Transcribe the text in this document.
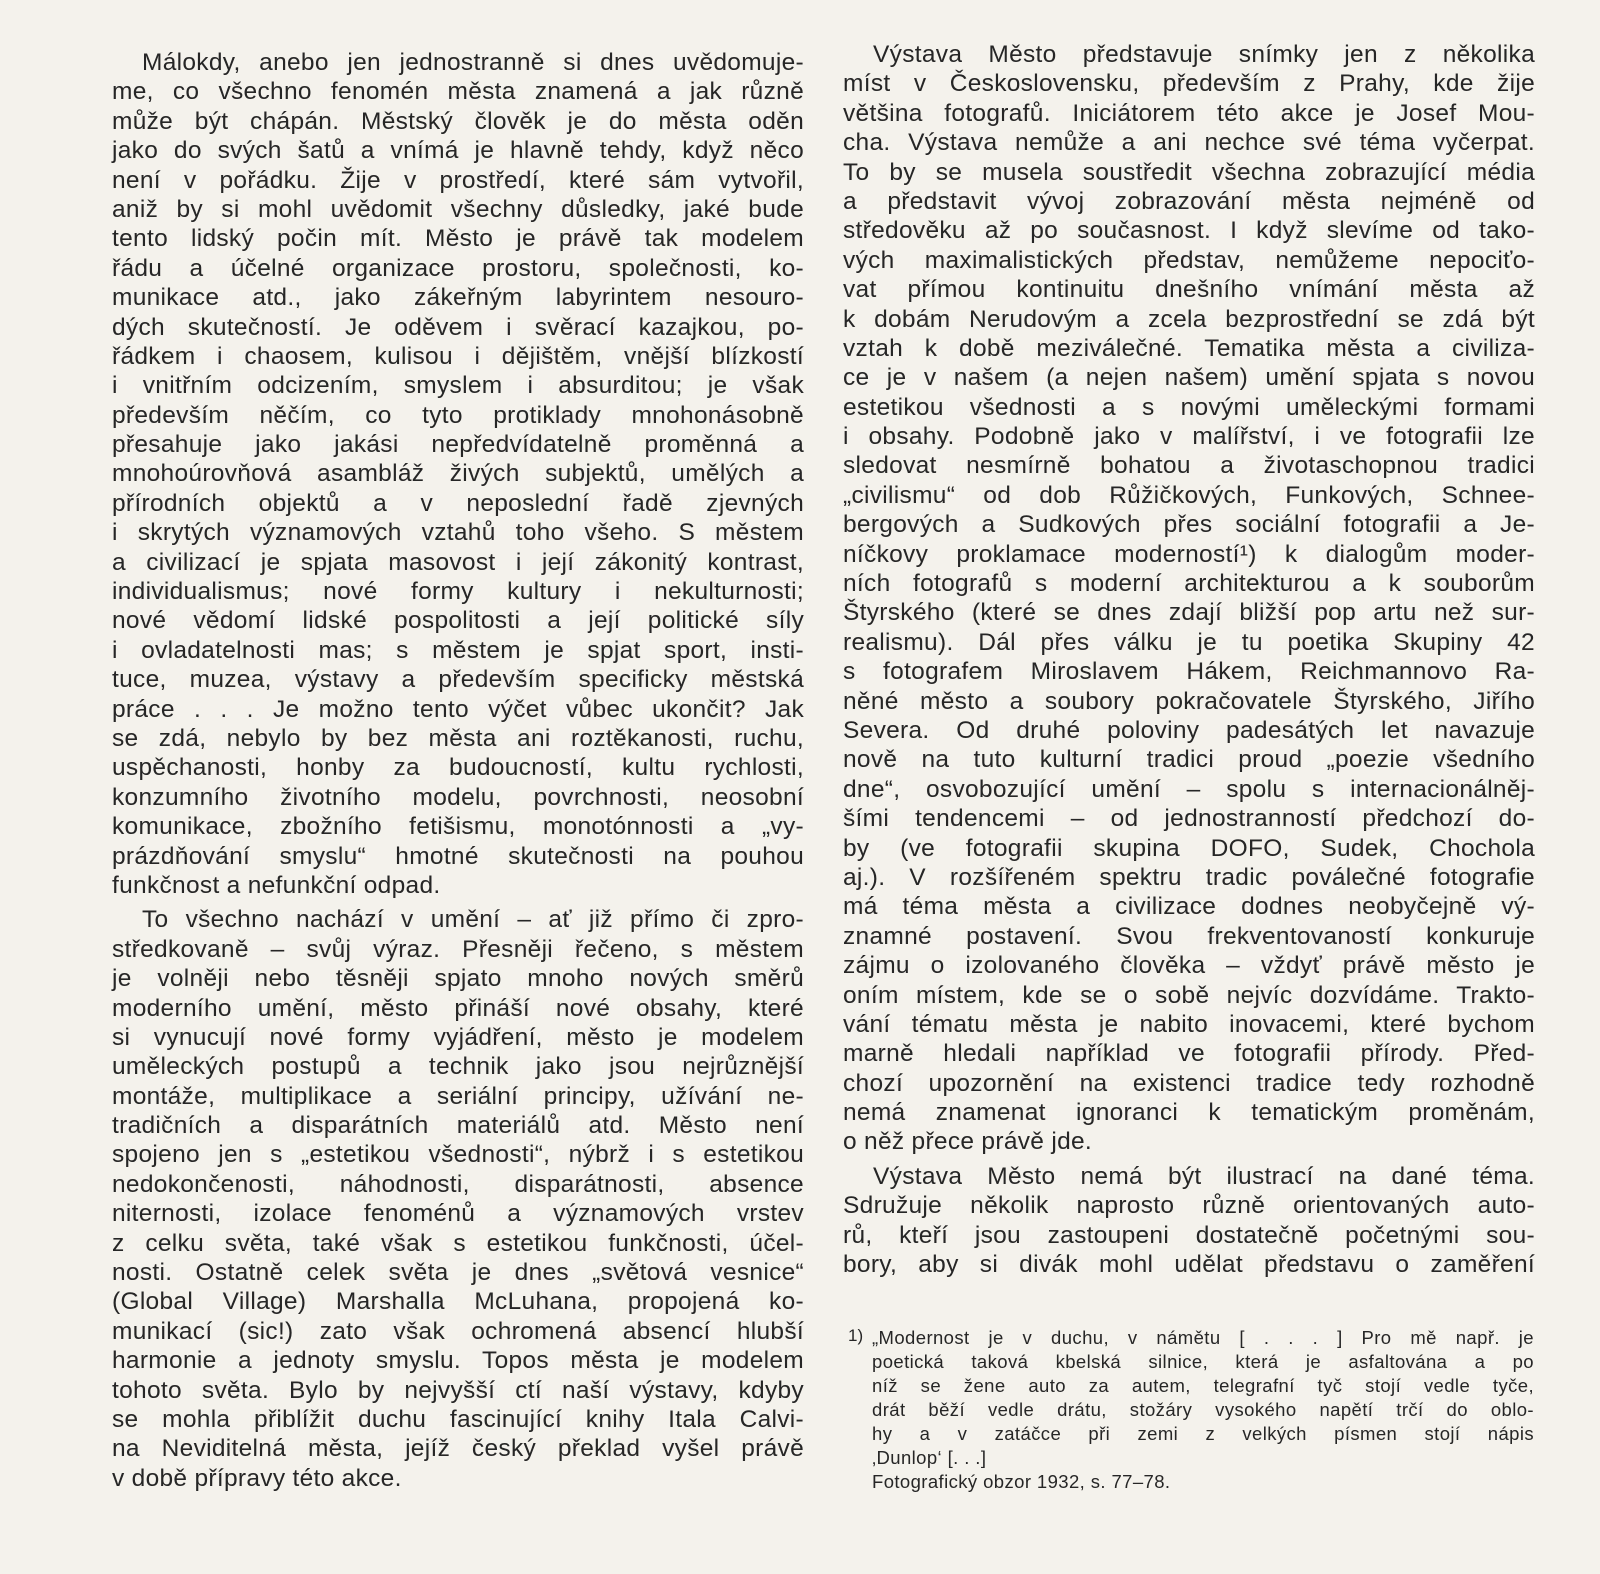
Málokdy, anebo jen jednostranně si dnes uvědomuje-
me, co všechno fenomén města znamená a jak různě
může být chápán. Městský člověk je do města oděn
jako do svých šatů a vnímá je hlavně tehdy, když něco
není v pořádku. Žije v prostředí, které sám vytvořil,
aniž by si mohl uvědomit všechny důsledky, jaké bude
tento lidský počin mít. Město je právě tak modelem
řádu a účelné organizace prostoru, společnosti, ko-
munikace atd., jako zákeřným labyrintem nesouro-
dých skutečností. Je oděvem i svěrací kazajkou, po-
řádkem i chaosem, kulisou i dějištěm, vnější blízkostí
i vnitřním odcizením, smyslem i absurditou; je však
především něčím, co tyto protiklady mnohonásobně
přesahuje jako jakási nepředvídatelně proměnná a
mnohoúrovňová asambláž živých subjektů, umělých a
přírodních objektů a v neposlední řadě zjevných
i skrytých významových vztahů toho všeho. S městem
a civilizací je spjata masovost i její zákonitý kontrast,
individualismus; nové formy kultury i nekulturnosti;
nové vědomí lidské pospolitosti a její politické síly
i ovladatelnosti mas; s městem je spjat sport, insti-
tuce, muzea, výstavy a především specificky městská
práce . . . Je možno tento výčet vůbec ukončit? Jak
se zdá, nebylo by bez města ani roztěkanosti, ruchu,
uspěchanosti, honby za budoucností, kultu rychlosti,
konzumního životního modelu, povrchnosti, neosobní
komunikace, zbožního fetišismu, monotónnosti a „vy-
prázdňování smyslu“ hmotné skutečnosti na pouhou
funkčnost a nefunkční odpad.
To všechno nachází v umění – ať již přímo či zpro-
středkovaně – svůj výraz. Přesněji řečeno, s městem
je volněji nebo těsněji spjato mnoho nových směrů
moderního umění, město přináší nové obsahy, které
si vynucují nové formy vyjádření, město je modelem
uměleckých postupů a technik jako jsou nejrůznější
montáže, multiplikace a seriální principy, užívání ne-
tradičních a disparátních materiálů atd. Město není
spojeno jen s „estetikou všednosti“, nýbrž i s estetikou
nedokončenosti, náhodnosti, disparátnosti, absence
niternosti, izolace fenoménů a významových vrstev
z celku světa, také však s estetikou funkčnosti, účel-
nosti. Ostatně celek světa je dnes „světová vesnice“
(Global Village) Marshalla McLuhana, propojená ko-
munikací (sic!) zato však ochromená absencí hlubší
harmonie a jednoty smyslu. Topos města je modelem
tohoto světa. Bylo by nejvyšší ctí naší výstavy, kdyby
se mohla přiblížit duchu fascinující knihy Itala Calvi-
na Neviditelná města, jejíž český překlad vyšel právě
v době přípravy této akce.
Výstava Město představuje snímky jen z několika
míst v Československu, především z Prahy, kde žije
většina fotografů. Iniciátorem této akce je Josef Mou-
cha. Výstava nemůže a ani nechce své téma vyčerpat.
To by se musela soustředit všechna zobrazující média
a představit vývoj zobrazování města nejméně od
středověku až po současnost. I když slevíme od tako-
vých maximalistických představ, nemůžeme nepociťo-
vat přímou kontinuitu dnešního vnímání města až
k dobám Nerudovým a zcela bezprostřední se zdá být
vztah k době meziválečné. Tematika města a civiliza-
ce je v našem (a nejen našem) umění spjata s novou
estetikou všednosti a s novými uměleckými formami
i obsahy. Podobně jako v malířství, i ve fotografii lze
sledovat nesmírně bohatou a životaschopnou tradici
„civilismu“ od dob Růžičkových, Funkových, Schnee-
bergových a Sudkových přes sociální fotografii a Je-
níčkovy proklamace moderností¹) k dialogům moder-
ních fotografů s moderní architekturou a k souborům
Štyrského (které se dnes zdají bližší pop artu než sur-
realismu). Dál přes válku je tu poetika Skupiny 42
s fotografem Miroslavem Hákem, Reichmannovo Ra-
něné město a soubory pokračovatele Štyrského, Jiřího
Severa. Od druhé poloviny padesátých let navazuje
nově na tuto kulturní tradici proud „poezie všedního
dne“, osvobozující umění – spolu s internacionálněj-
šími tendencemi – od jednostranností předchozí do-
by (ve fotografii skupina DOFO, Sudek, Chochola
aj.). V rozšířeném spektru tradic poválečné fotografie
má téma města a civilizace dodnes neobyčejně vý-
znamné postavení. Svou frekventovaností konkuruje
zájmu o izolovaného člověka – vždyť právě město je
oním místem, kde se o sobě nejvíc dozvídáme. Trakto-
vání tématu města je nabito inovacemi, které bychom
marně hledali například ve fotografii přírody. Před-
chozí upozornění na existenci tradice tedy rozhodně
nemá znamenat ignoranci k tematickým proměnám,
o něž přece právě jde.
Výstava Město nemá být ilustrací na dané téma.
Sdružuje několik naprosto různě orientovaných auto-
rů, kteří jsou zastoupeni dostatečně početnými sou-
bory, aby si divák mohl udělat představu o zaměření
1) „Modernost je v duchu, v námětu [ . . . ] Pro mě např. je
poetická taková kbelská silnice, která je asfaltována a po
níž se žene auto za autem, telegrafní tyč stojí vedle tyče,
drát běží vedle drátu, stožáry vysokého napětí trčí do oblo-
hy a v zatáčce při zemi z velkých písmen stojí nápis
‚Dunlop‘ [. . .]
Fotografický obzor 1932, s. 77–78.
